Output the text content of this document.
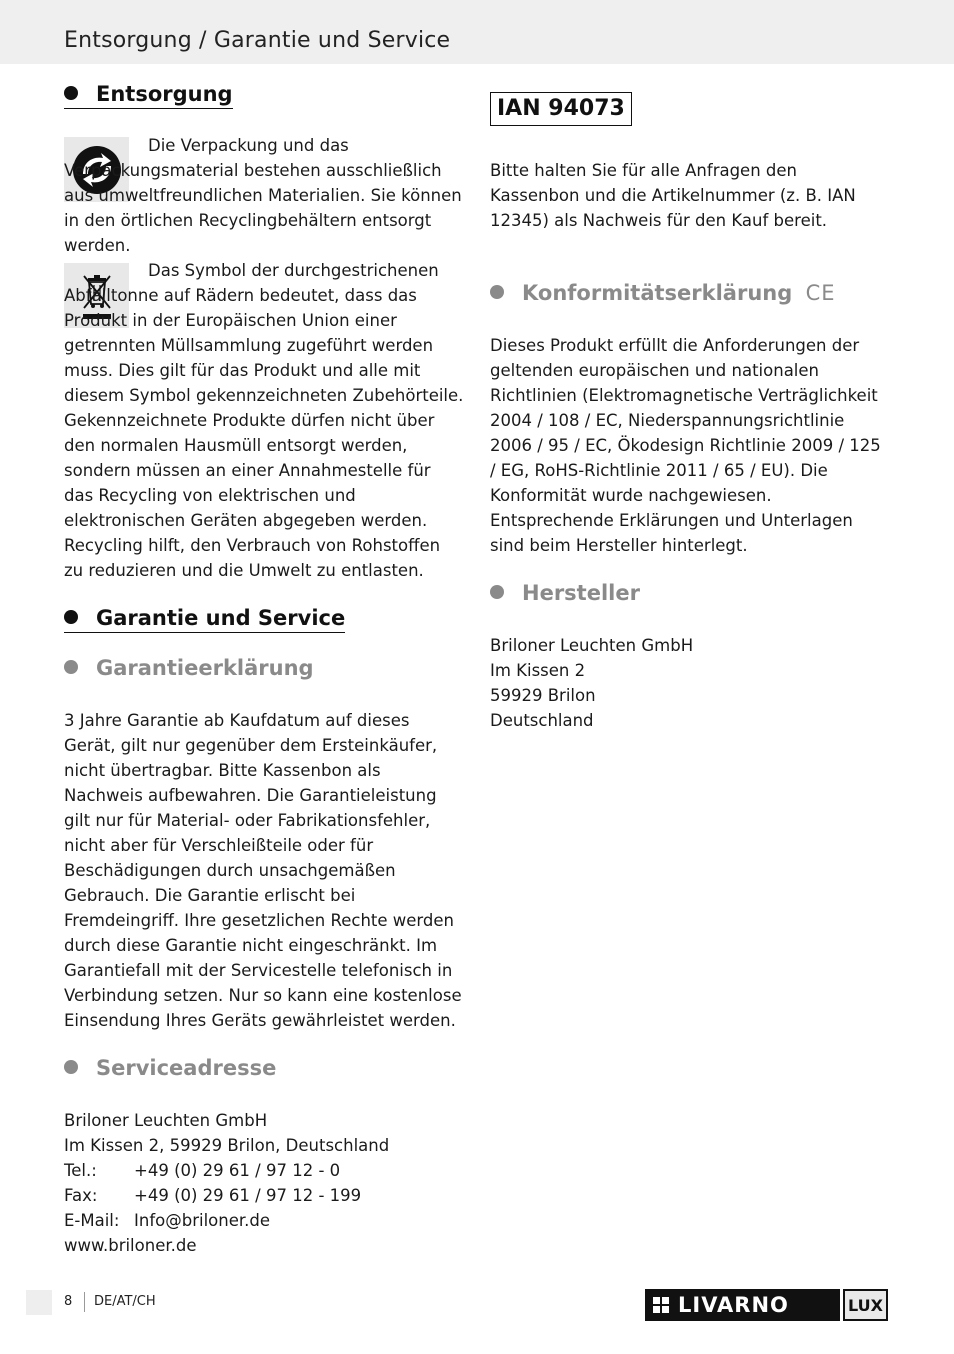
Entsorgung / Garantie und Service
Entsorgung

Die Verpackung und das Verpackungsmaterial bestehen ausschließlich aus umweltfreundlichen Materialien. Sie können in den örtlichen Recyclingbehältern entsorgt werden.

Das Symbol der durchgestrichenen Abfalltonne auf Rädern bedeutet, dass das Produkt in der Europäischen Union einer getrennten Müllsammlung zugeführt werden muss. Dies gilt für das Produkt und alle mit diesem Symbol gekennzeichneten Zubehörteile. Gekennzeichnete Produkte dürfen nicht über den normalen Hausmüll entsorgt werden, sondern müssen an einer Annahmestelle für das Recycling von elektrischen und elektronischen Geräten abgegeben werden.

Recycling hilft, den Verbrauch von Rohstoffen zu reduzieren und die Umwelt zu entlasten.

Garantie und Service
Garantieerklärung

3 Jahre Garantie ab Kaufdatum auf dieses Gerät, gilt nur gegenüber dem Ersteinkäufer, nicht übertragbar. Bitte Kassenbon als Nachweis aufbewahren. Die Garantieleistung gilt nur für Material- oder Fabrikationsfehler, nicht aber für Verschleißteile oder für Beschädigungen durch unsachgemäßen Gebrauch. Die Garantie erlischt bei Fremdeingriff. Ihre gesetzlichen Rechte werden durch diese Garantie nicht eingeschränkt. Im Garantiefall mit der Servicestelle telefonisch in Verbindung setzen. Nur so kann eine kostenlose Einsendung Ihres Geräts gewährleistet werden.

Serviceadresse

Briloner Leuchten GmbH

Im Kissen 2, 59929 Brilon, Deutschland

Tel.:	+49 (0) 29 61 / 97 12 - 0
Fax:	+49 (0) 29 61 / 97 12 - 199
E-Mail: Info@briloner.de

www.briloner.de

IAN 94073

Bitte halten Sie für alle Anfragen den Kassenbon und die Artikelnummer (z. B. IAN 12345) als Nachweis für den Kauf bereit.

Konformitätserklärung CE

Dieses Produkt erfüllt die Anforderungen der geltenden europäischen und nationalen Richtlinien (Elektromagnetische Verträglichkeit 2004 / 108 / EC, Niederspannungsrichtlinie 2006 / 95 / EC, Ökodesign Richtlinie 2009 / 125 / EG, RoHS-Richtlinie 2011 / 65 / EU). Die Konformität wurde nachgewiesen. Entsprechende Erklärungen und Unterlagen sind beim Hersteller hinterlegt.

Hersteller

Briloner Leuchten GmbH

Im Kissen 2

59929 Brilon

Deutschland

8 DE/AT/CH	LIVARNO	LUX
